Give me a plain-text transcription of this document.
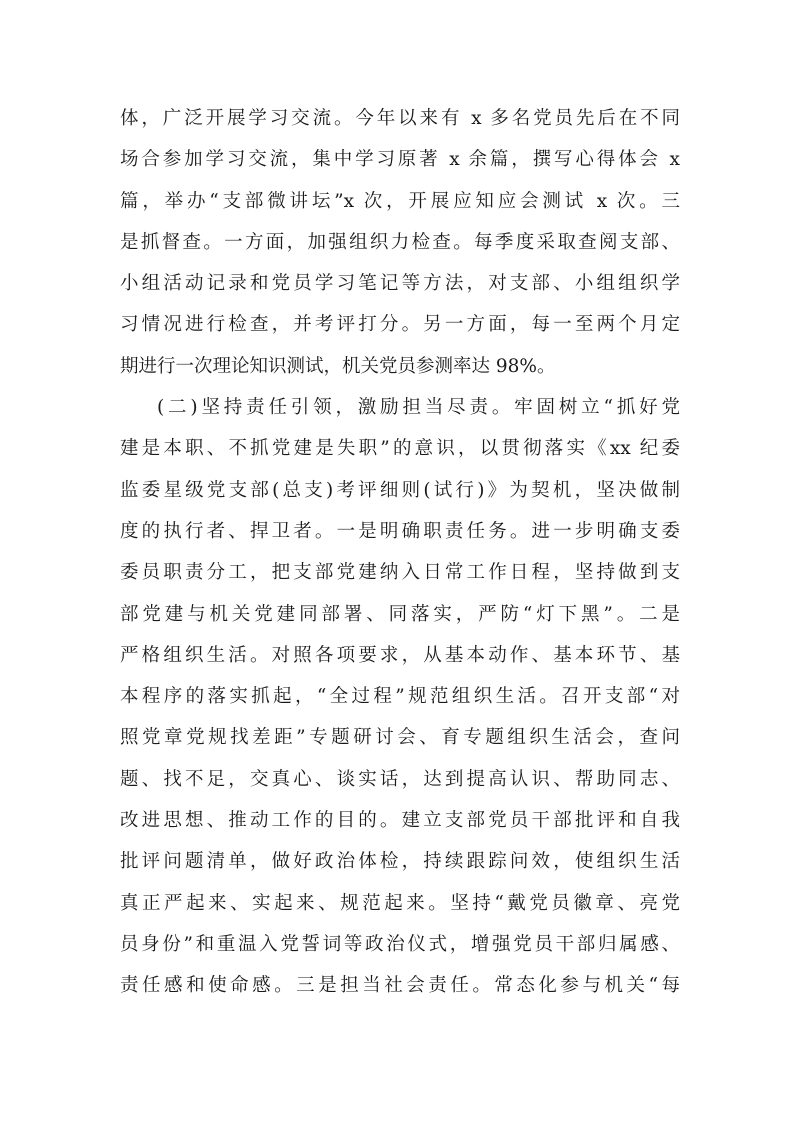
体，广泛开展学习交流。今年以来有 x 多名党员先后在不同
场合参加学习交流，集中学习原著 x 余篇，撰写心得体会 x
篇，举办“支部微讲坛”x 次，开展应知应会测试 x 次。三
是抓督查。一方面，加强组织力检查。每季度采取查阅支部、
小组活动记录和党员学习笔记等方法，对支部、小组组织学
习情况进行检查，并考评打分。另一方面，每一至两个月定
期进行一次理论知识测试，机关党员参测率达 98%。
(二)坚持责任引领，激励担当尽责。牢固树立“抓好党
建是本职、不抓党建是失职”的意识，以贯彻落实《xx 纪委
监委星级党支部(总支)考评细则(试行)》为契机，坚决做制
度的执行者、捍卫者。一是明确职责任务。进一步明确支委
委员职责分工，把支部党建纳入日常工作日程，坚持做到支
部党建与机关党建同部署、同落实，严防“灯下黑”。二是
严格组织生活。对照各项要求，从基本动作、基本环节、基
本程序的落实抓起，“全过程”规范组织生活。召开支部“对
照党章党规找差距”专题研讨会、育专题组织生活会，查问
题、找不足，交真心、谈实话，达到提高认识、帮助同志、
改进思想、推动工作的目的。建立支部党员干部批评和自我
批评问题清单，做好政治体检，持续跟踪问效，使组织生活
真正严起来、实起来、规范起来。坚持“戴党员徽章、亮党
员身份”和重温入党誓词等政治仪式，增强党员干部归属感、
责任感和使命感。三是担当社会责任。常态化参与机关“每
